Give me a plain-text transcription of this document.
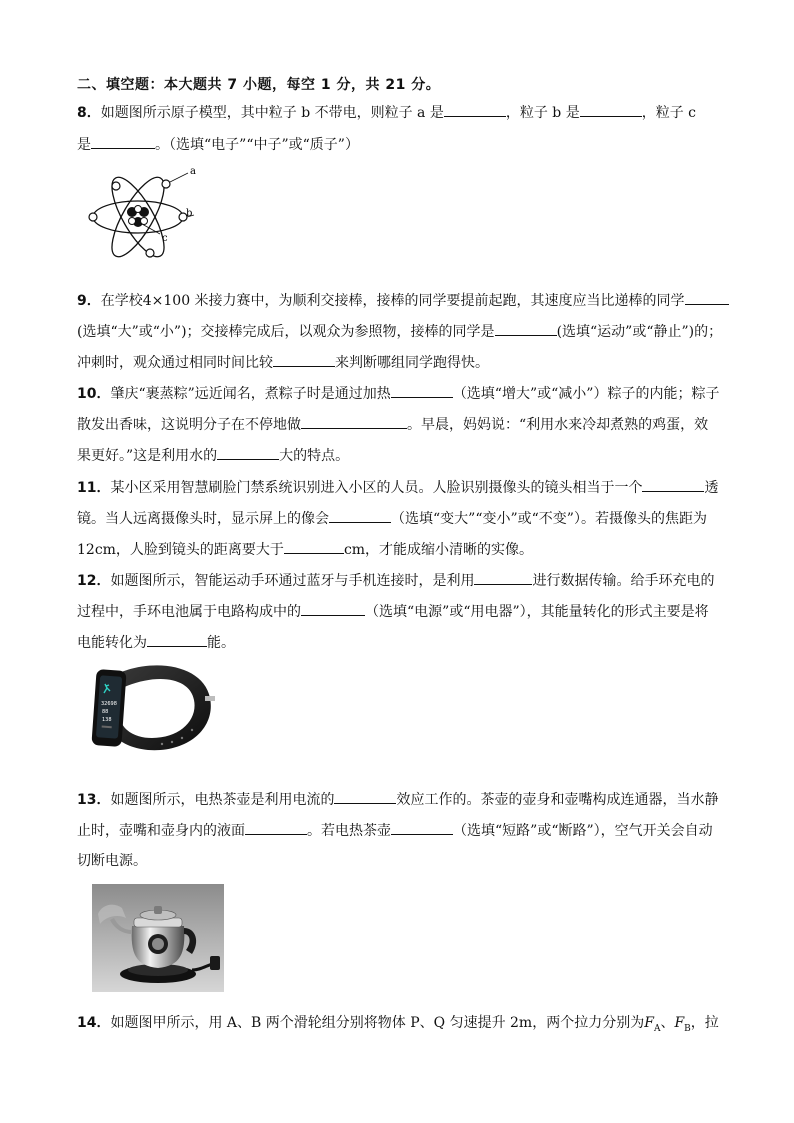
二、填空题：本大题共 7 小题，每空 1 分，共 21 分。
8．如题图所示原子模型，其中粒子 b 不带电，则粒子 a 是	，粒子 b 是	，粒子 c
是	。（选填“电子”“中子”或“质子”）
a
b
c
9．在学校4×100 米接力赛中，为顺利交接棒，接棒的同学要提前起跑，其速度应当比递棒的同学
(选填“大”或“小”)；交接棒完成后，以观众为参照物，接棒的同学是	(选填“运动”或“静止”)的；
冲刺时，观众通过相同时间比较	来判断哪组同学跑得快。
10．肇庆“裹蒸粽”远近闻名，煮粽子时是通过加热	（选填“增大”或“减小”）粽子的内能；粽子
散发出香味，这说明分子在不停地做	。早晨，妈妈说：“利用水来冷却煮熟的鸡蛋，效
果更好。”这是利用水的	大的特点。
11．某小区采用智慧刷脸门禁系统识别进入小区的人员。人脸识别摄像头的镜头相当于一个	透
镜。当人远离摄像头时，显示屏上的像会	（选填“变大”“变小”或“不变”）。若摄像头的焦距为
12cm，人脸到镜头的距离要大于	cm，才能成缩小清晰的实像。
12．如题图所示，智能运动手环通过蓝牙与手机连接时，是利用	进行数据传输。给手环充电的
过程中，手环电池属于电路构成中的	（选填“电源”或“用电器”），其能量转化的形式主要是将
电能转化为	能。
32698
88
138
13．如题图所示，电热茶壶是利用电流的	效应工作的。茶壶的壶身和壶嘴构成连通器，当水静
止时，壶嘴和壶身内的液面	。若电热茶壶	（选填“短路”或“断路”），空气开关会自动
切断电源。
14．如题图甲所示，用 A、B 两个滑轮组分别将物体 P、Q 匀速提升 2m，两个拉力分别为$F_A$、$F_B$，拉
